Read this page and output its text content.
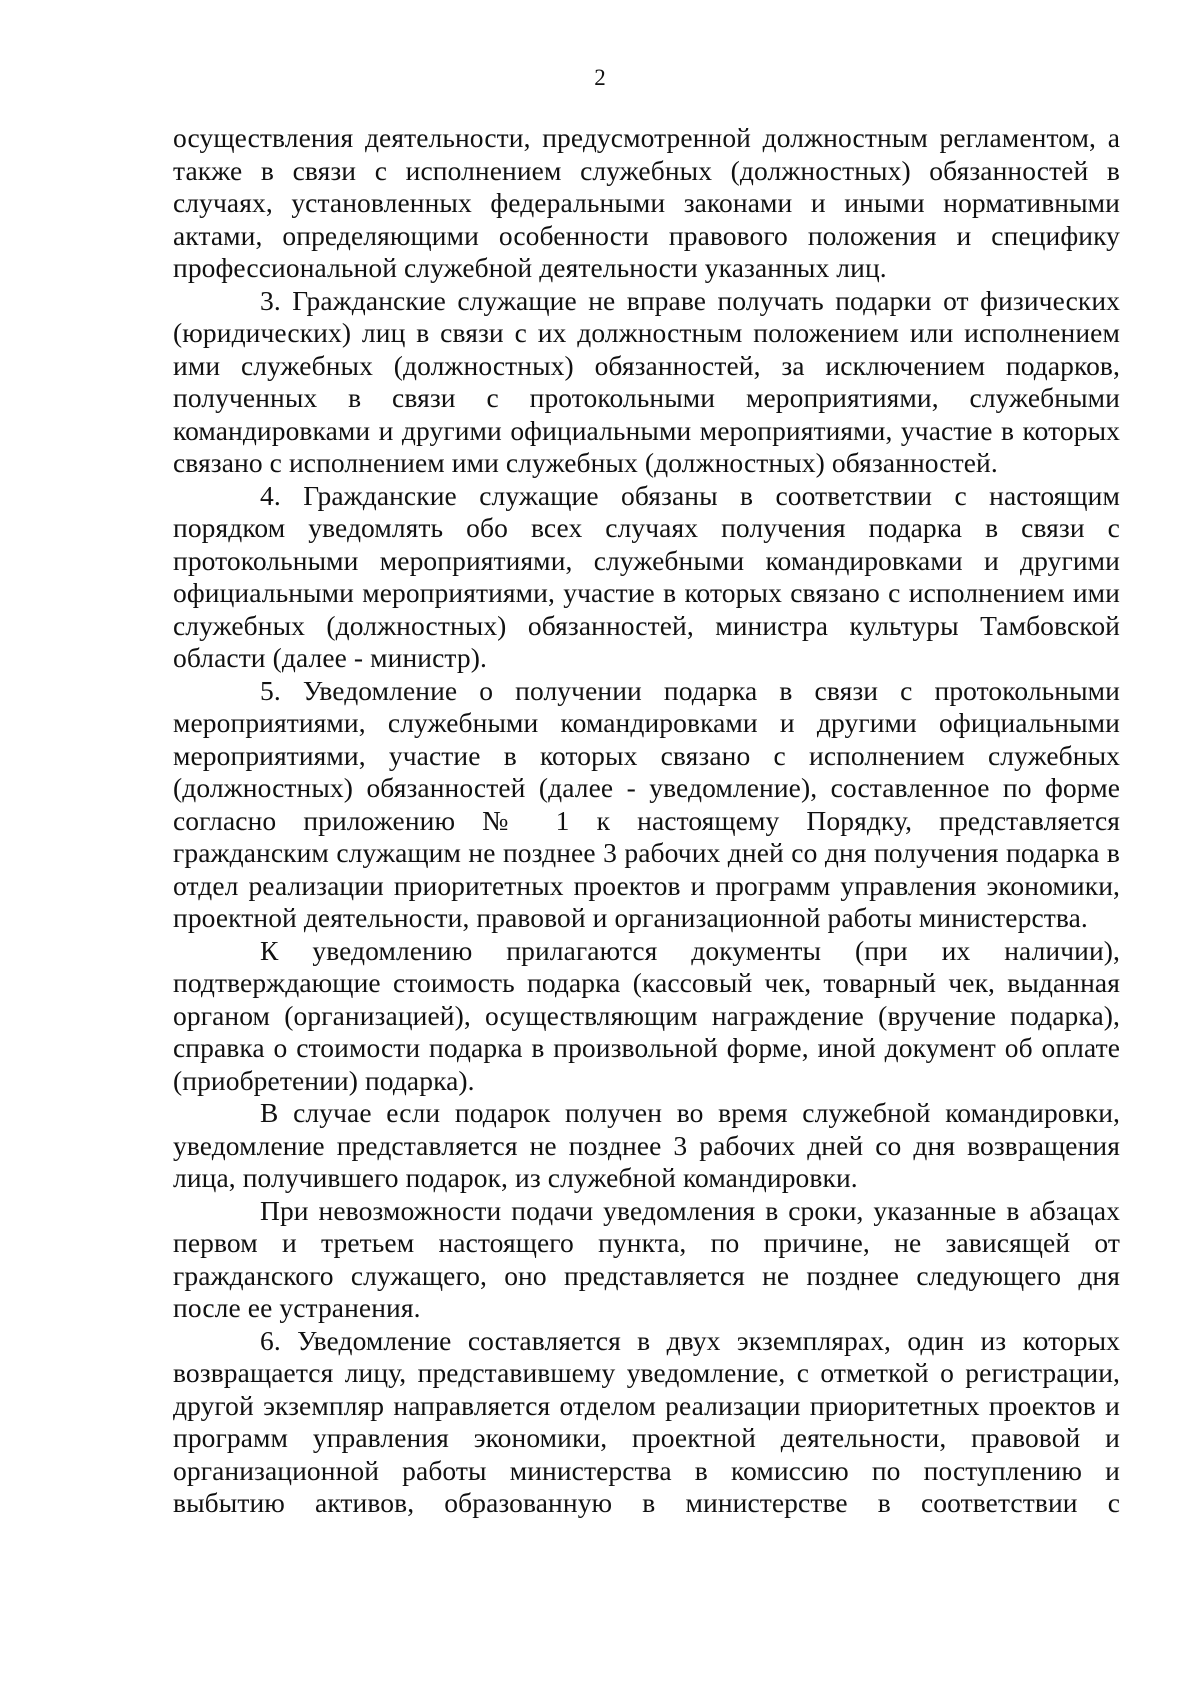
2

осуществления деятельности, предусмотренной должностным регламентом, а также в связи с исполнением служебных (должностных) обязанностей в случаях, установленных федеральными законами и иными нормативными актами, определяющими особенности правового положения и специфику профессиональной служебной деятельности указанных лиц.

3. Гражданские служащие не вправе получать подарки от физических (юридических) лиц в связи с их должностным положением или исполнением ими служебных (должностных) обязанностей, за исключением подарков, полученных в связи с протокольными мероприятиями, служебными командировками и другими официальными мероприятиями, участие в которых связано с исполнением ими служебных (должностных) обязанностей.

4. Гражданские служащие обязаны в соответствии с настоящим порядком уведомлять обо всех случаях получения подарка в связи с протокольными мероприятиями, служебными командировками и другими официальными мероприятиями, участие в которых связано с исполнением ими служебных (должностных) обязанностей, министра культуры Тамбовской области (далее - министр).

5. Уведомление о получении подарка в связи с протокольными мероприятиями, служебными командировками и другими официальными мероприятиями, участие в которых связано с исполнением служебных (должностных) обязанностей (далее - уведомление), составленное по форме согласно приложению № 1 к настоящему Порядку, представляется гражданским служащим не позднее 3 рабочих дней со дня получения подарка в отдел реализации приоритетных проектов и программ управления экономики, проектной деятельности, правовой и организационной работы министерства.

К уведомлению прилагаются документы (при их наличии), подтверждающие стоимость подарка (кассовый чек, товарный чек, выданная органом (организацией), осуществляющим награждение (вручение подарка), справка о стоимости подарка в произвольной форме, иной документ об оплате (приобретении) подарка).

В случае если подарок получен во время служебной командировки, уведомление представляется не позднее 3 рабочих дней со дня возвращения лица, получившего подарок, из служебной командировки.

При невозможности подачи уведомления в сроки, указанные в абзацах первом и третьем настоящего пункта, по причине, не зависящей от гражданского служащего, оно представляется не позднее следующего дня после ее устранения.

6. Уведомление составляется в двух экземплярах, один из которых возвращается лицу, представившему уведомление, с отметкой о регистрации, другой экземпляр направляется отделом реализации приоритетных проектов и программ управления экономики, проектной деятельности, правовой и организационной работы министерства в комиссию по поступлению и выбытию активов, образованную в министерстве в соответствии с
